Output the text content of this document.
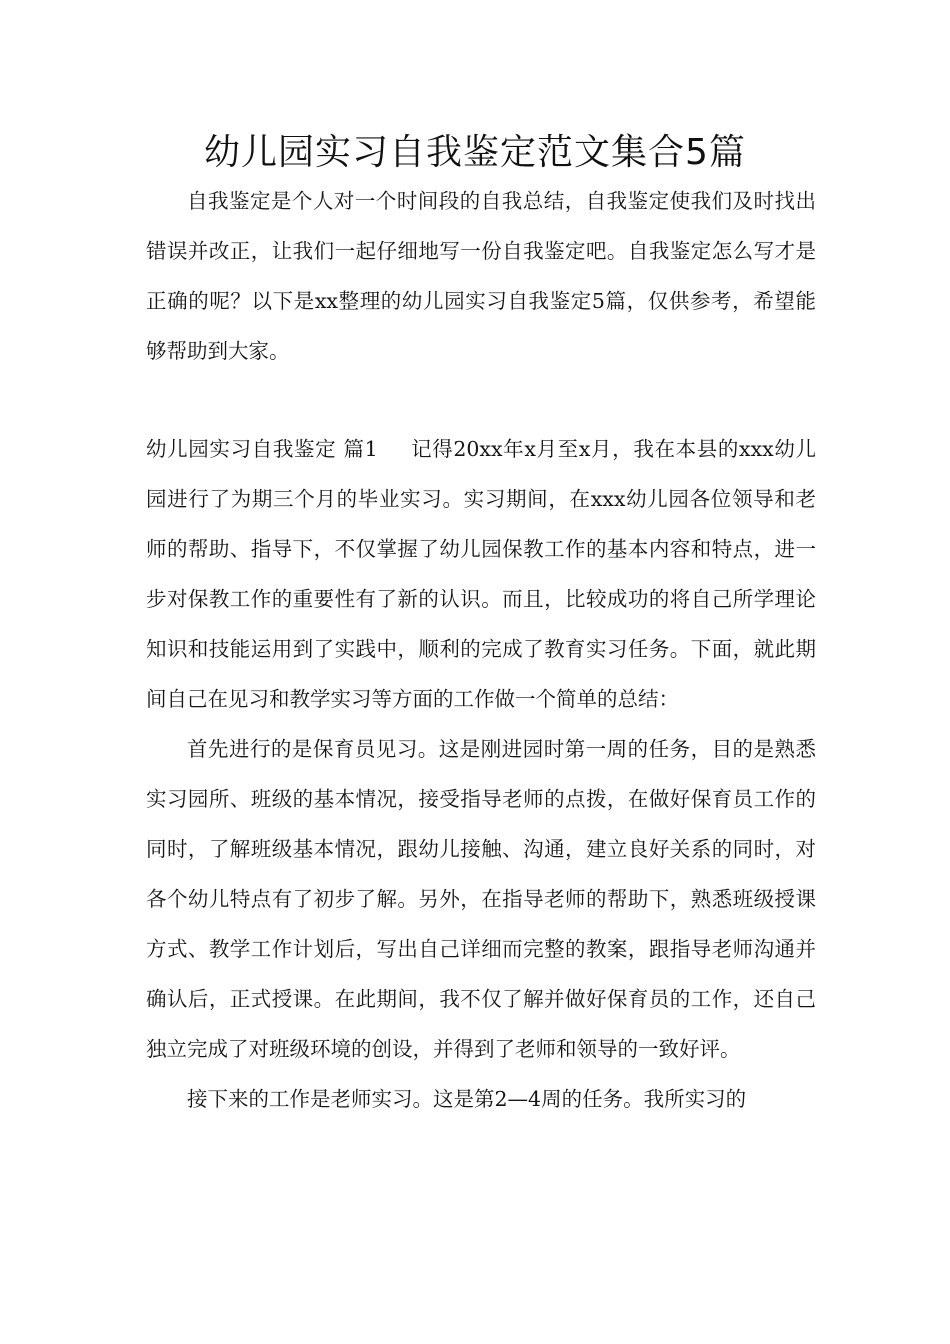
幼儿园实习自我鉴定范文集合5篇

自我鉴定是个人对一个时间段的自我总结，自我鉴定使我们及时找出错误并改正，让我们一起仔细地写一份自我鉴定吧。自我鉴定怎么写才是正确的呢？以下是xx整理的幼儿园实习自我鉴定5篇，仅供参考，希望能够帮助到大家。

幼儿园实习自我鉴定 篇1 记得20xx年x月至x月，我在本县的xxx幼儿园进行了为期三个月的毕业实习。实习期间，在xxx幼儿园各位领导和老师的帮助、指导下，不仅掌握了幼儿园保教工作的基本内容和特点，进一步对保教工作的重要性有了新的认识。而且，比较成功的将自己所学理论知识和技能运用到了实践中，顺利的完成了教育实习任务。下面，就此期间自己在见习和教学实习等方面的工作做一个简单的总结：

首先进行的是保育员见习。这是刚进园时第一周的任务，目的是熟悉实习园所、班级的基本情况，接受指导老师的点拨，在做好保育员工作的同时，了解班级基本情况，跟幼儿接触、沟通，建立良好关系的同时，对各个幼儿特点有了初步了解。另外，在指导老师的帮助下，熟悉班级授课方式、教学工作计划后，写出自己详细而完整的教案，跟指导老师沟通并确认后，正式授课。在此期间，我不仅了解并做好保育员的工作，还自己独立完成了对班级环境的创设，并得到了老师和领导的一致好评。

接下来的工作是老师实习。这是第2—4周的任务。我所实习的
